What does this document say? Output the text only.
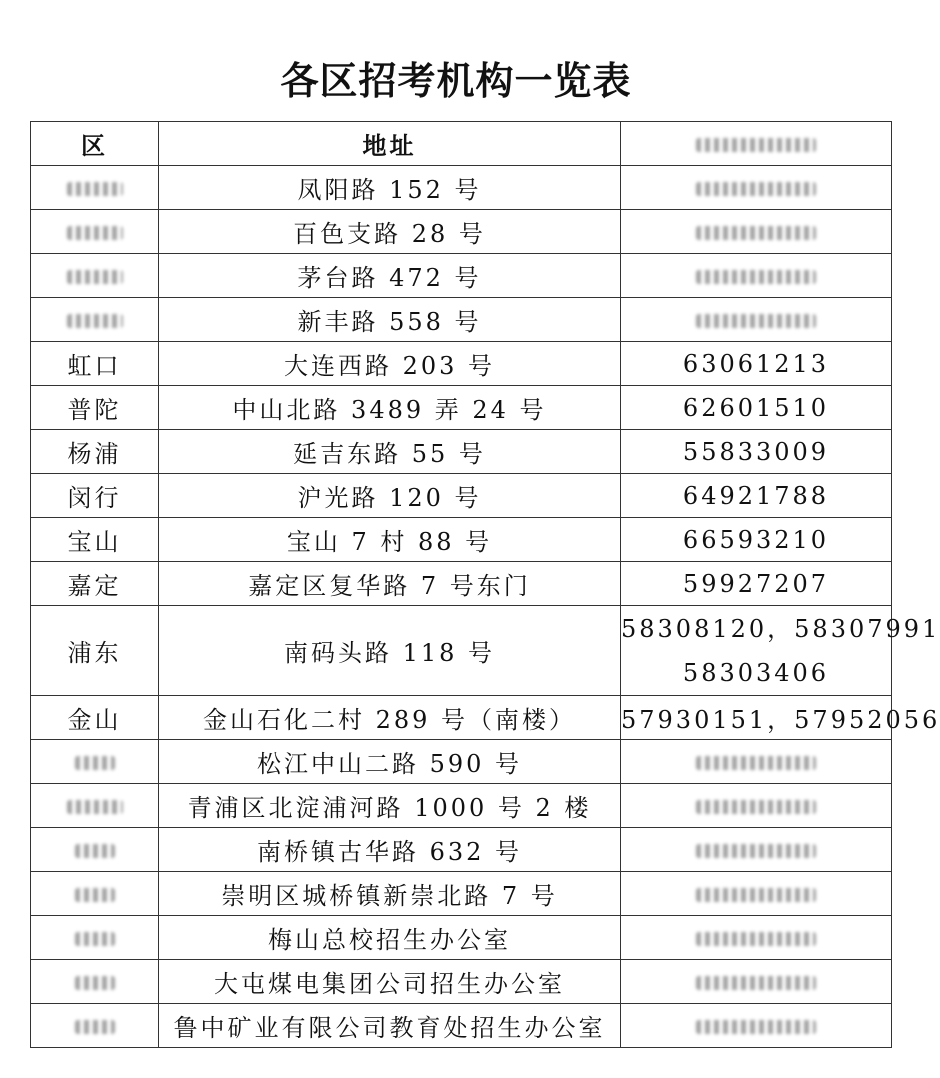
各区招考机构一览表
区	地址	
	凤阳路 152 号	
	百色支路 28 号	
	茅台路 472 号	
	新丰路 558 号	
虹口	大连西路 203 号	63061213
普陀	中山北路 3489 弄 24 号	62601510
杨浦	延吉东路 55 号	55833009
闵行	沪光路 120 号	64921788
宝山	宝山 7 村 88 号	66593210
嘉定	嘉定区复华路 7 号东门	59927207
浦东	南码头路 118 号	58308120，58307991
58303406

金山	金山石化二村 289 号（南楼）	57930151，57952056
	松江中山二路 590 号	
	青浦区北淀浦河路 1000 号 2 楼	
	南桥镇古华路 632 号	
	崇明区城桥镇新崇北路 7 号	
	梅山总校招生办公室	
	大屯煤电集团公司招生办公室	
	鲁中矿业有限公司教育处招生办公室	
